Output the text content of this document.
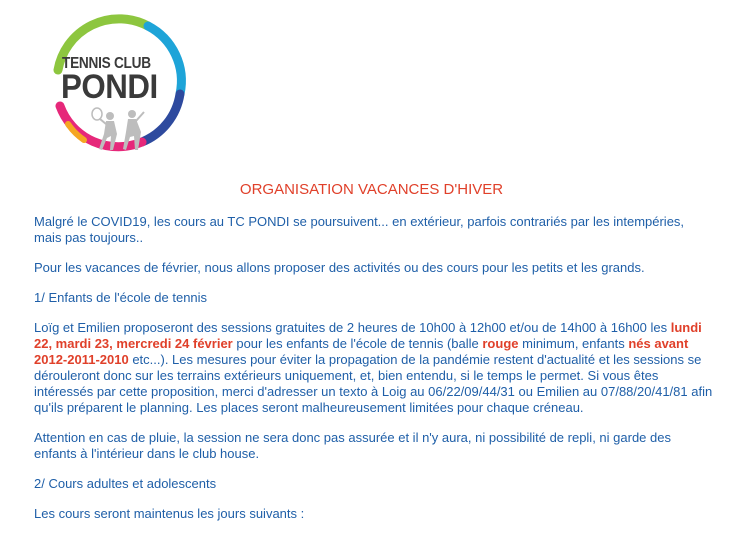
TENNIS CLUB
PONDI
ORGANISATION VACANCES D'HIVER

Malgré le COVID19, les cours au TC PONDI se poursuivent... en extérieur, parfois contrariés par les intempéries, mais pas toujours..

Pour les vacances de février, nous allons proposer des activités ou des cours pour les petits et les grands.

1/ Enfants de l'école de tennis

Loïg et Emilien proposeront des sessions gratuites de 2 heures de 10h00 à 12h00 et/ou de 14h00 à 16h00 les lundi 22, mardi 23, mercredi 24 février pour les enfants de l'école de tennis (balle rouge minimum, enfants nés avant 2012-2011-2010 etc...). Les mesures pour éviter la propagation de la pandémie restent d'actualité et les sessions se dérouleront donc sur les terrains extérieurs uniquement, et, bien entendu, si le temps le permet. Si vous êtes intéressés par cette proposition, merci d'adresser un texto à Loig au 06/22/09/44/31 ou Emilien au 07/88/20/41/81 afin qu'ils préparent le planning. Les places seront malheureusement limitées pour chaque créneau.

Attention en cas de pluie, la session ne sera donc pas assurée et il n'y aura, ni possibilité de repli, ni garde des enfants à l'intérieur dans le club house.

2/ Cours adultes et adolescents

Les cours seront maintenus les jours suivants :
